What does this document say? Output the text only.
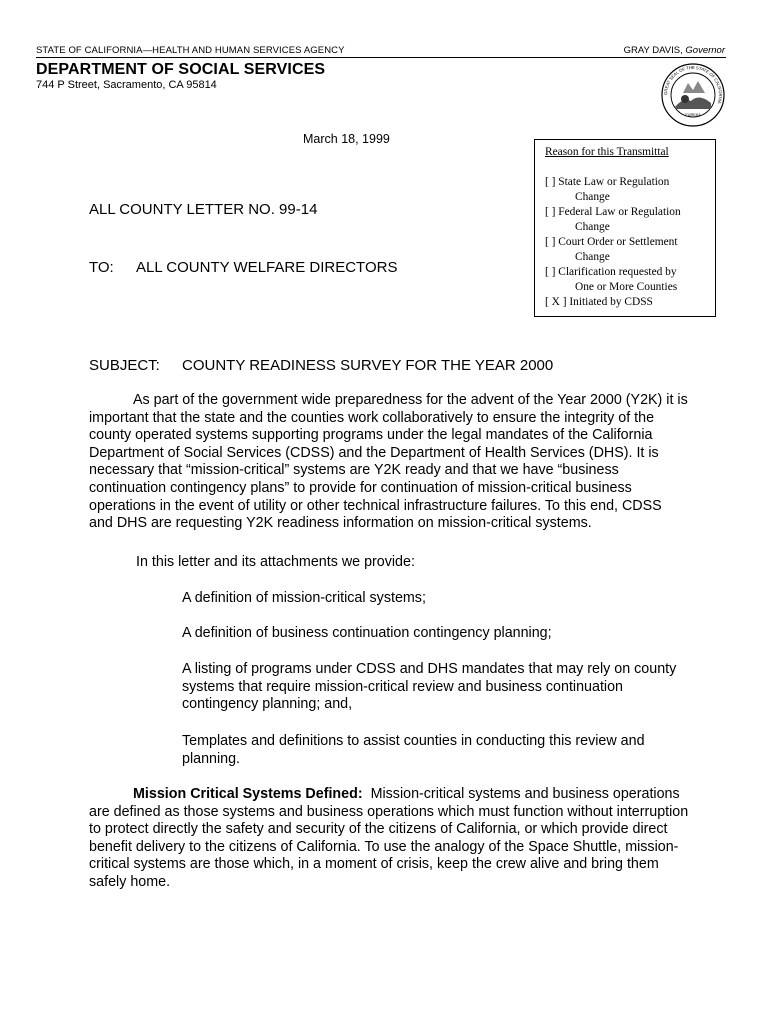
STATE OF CALIFORNIA—HEALTH AND HUMAN SERVICES AGENCY	GRAY DAVIS, Governor
DEPARTMENT OF SOCIAL SERVICES
744 P Street, Sacramento, CA 95814
GREAT SEAL OF THE STATE OF CALIFORNIA
EUREKA
March 18, 1999
Reason for this Transmittal
[ ] State Law or Regulation
Change
[ ] Federal Law or Regulation
Change
[ ] Court Order or Settlement
Change
[ ] Clarification requested by
One or More Counties
[ X ] Initiated by CDSS
ALL COUNTY LETTER NO. 99-14
TO: ALL COUNTY WELFARE DIRECTORS
SUBJECT: COUNTY READINESS SURVEY FOR THE YEAR 2000
As part of the government wide preparedness for the advent of the Year 2000 (Y2K) it is
important that the state and the counties work collaboratively to ensure the integrity of the
county operated systems supporting programs under the legal mandates of the California
Department of Social Services (CDSS) and the Department of Health Services (DHS). It is
necessary that “mission-critical” systems are Y2K ready and that we have “business
continuation contingency plans” to provide for continuation of mission-critical business
operations in the event of utility or other technical infrastructure failures. To this end, CDSS
and DHS are requesting Y2K readiness information on mission-critical systems.
In this letter and its attachments we provide:
A definition of mission-critical systems;
A definition of business continuation contingency planning;
A listing of programs under CDSS and DHS mandates that may rely on county
systems that require mission-critical review and business continuation
contingency planning; and,
Templates and definitions to assist counties in conducting this review and
planning.
Mission Critical Systems Defined: Mission-critical systems and business operations
are defined as those systems and business operations which must function without interruption
to protect directly the safety and security of the citizens of California, or which provide direct
benefit delivery to the citizens of California. To use the analogy of the Space Shuttle, mission-
critical systems are those which, in a moment of crisis, keep the crew alive and bring them
safely home.
